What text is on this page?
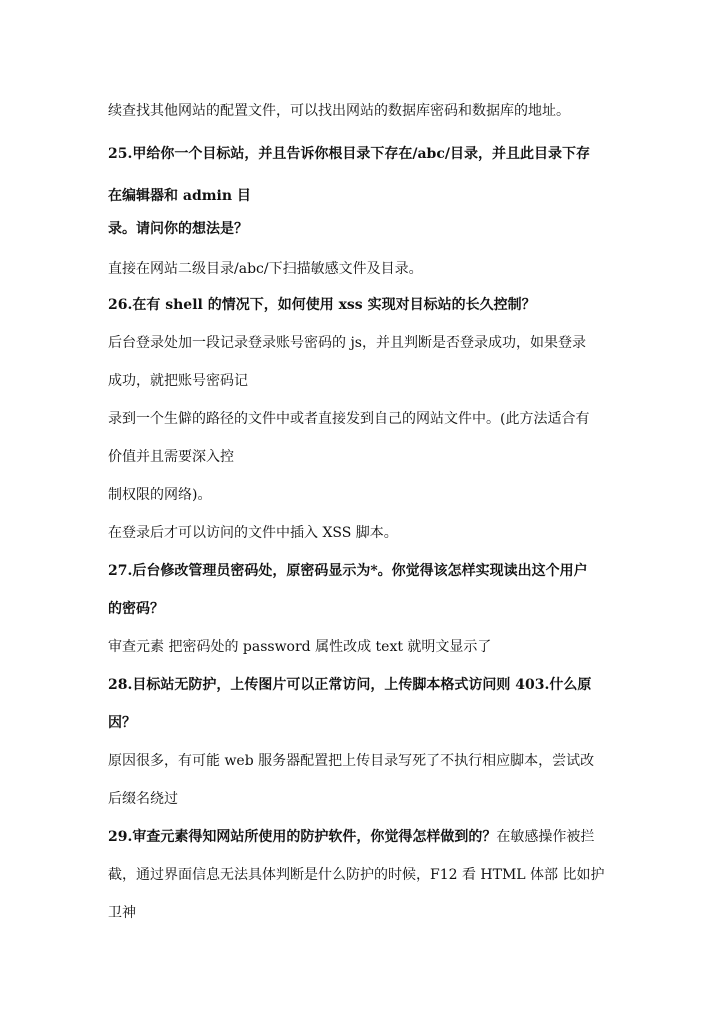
续查找其他网站的配置文件，可以找出网站的数据库密码和数据库的地址。
25.甲给你一个目标站，并且告诉你根目录下存在/abc/目录，并且此目录下存
在编辑器和 admin 目
录。请问你的想法是？
直接在网站二级目录/abc/下扫描敏感文件及目录。
26.在有 shell 的情况下，如何使用 xss 实现对目标站的长久控制？
后台登录处加一段记录登录账号密码的 js，并且判断是否登录成功，如果登录
成功，就把账号密码记
录到一个生僻的路径的文件中或者直接发到自己的网站文件中。(此方法适合有
价值并且需要深入控
制权限的网络)。
在登录后才可以访问的文件中插入 XSS 脚本。
27.后台修改管理员密码处，原密码显示为*。你觉得该怎样实现读出这个用户
的密码？
审查元素 把密码处的 password 属性改成 text 就明文显示了
28.目标站无防护，上传图片可以正常访问，上传脚本格式访问则 403.什么原
因？
原因很多，有可能 web 服务器配置把上传目录写死了不执行相应脚本，尝试改
后缀名绕过
29.审查元素得知网站所使用的防护软件，你觉得怎样做到的？在敏感操作被拦
截，通过界面信息无法具体判断是什么防护的时候，F12 看 HTML 体部 比如护
卫神
